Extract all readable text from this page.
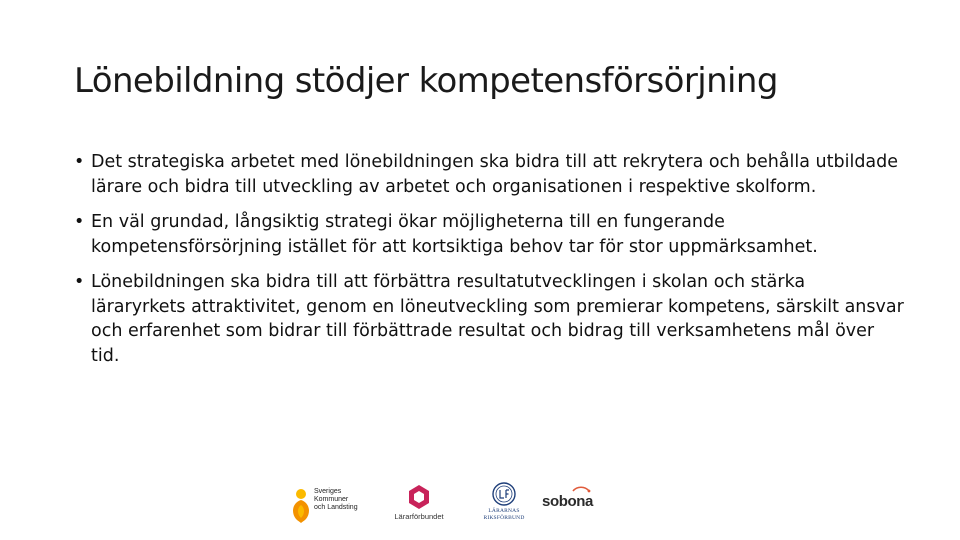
Lönebildning stödjer kompetensförsörjning
• Det strategiska arbetet med lönebildningen ska bidra till att rekrytera och behålla utbildade lärare och bidra till utveckling av arbetet och organisationen i respektive skolform.
• En väl grundad, långsiktig strategi ökar möjligheterna till en fungerande kompetensförsörjning istället för att kortsiktiga behov tar för stor uppmärksamhet.
• Lönebildningen ska bidra till att förbättra resultatutvecklingen i skolan och stärka läraryrkets attraktivitet, genom en löneutveckling som premierar kompetens, särskilt ansvar och erfarenhet som bidrar till förbättrade resultat och bidrag till verksamhetens mål över tid.
Sveriges
Kommuner
och Landsting
Lärarförbundet
LÄRARNAS
RIKSFÖRBUND
sobona
